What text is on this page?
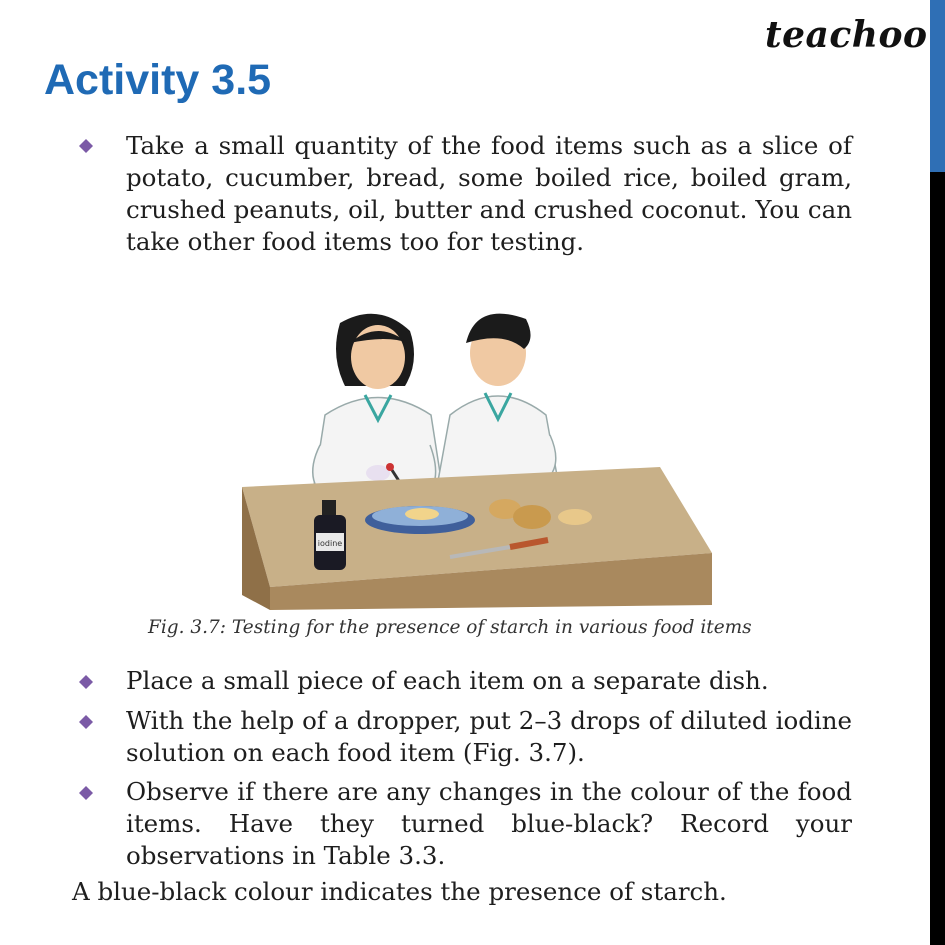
teachoo
Activity 3.5
Take a small quantity of the food items such as a slice of potato, cucumber, bread, some boiled rice, boiled gram, crushed peanuts, oil, butter and crushed coconut. You can take other food items too for testing.
iodine
Fig. 3.7: Testing for the presence of starch in various food items
Place a small piece of each item on a separate dish.
With the help of a dropper, put 2–3 drops of diluted iodine solution on each food item (Fig. 3.7).
Observe if there are any changes in the colour of the food items. Have they turned blue-black? Record your observations in Table 3.3.
A blue-black colour indicates the presence of starch.
